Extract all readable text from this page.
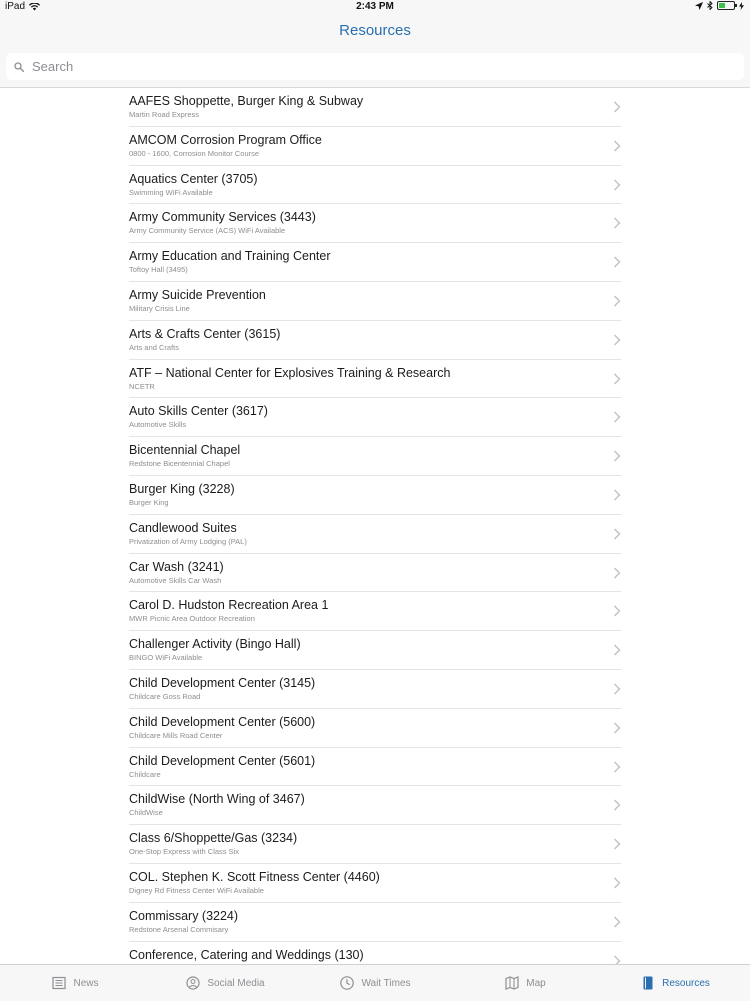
iPad	2:43 PM
Resources
Search
AAFES Shoppette, Burger King & Subway
Martin Road Express
AMCOM Corrosion Program Office
0800 - 1600, Corrosion Monitor Course
Aquatics Center (3705)
Swimming WiFi Available
Army Community Services (3443)
Army Community Service (ACS) WiFi Available
Army Education and Training Center
Toftoy Hall (3495)
Army Suicide Prevention
Military Crisis Line
Arts & Crafts Center (3615)
Arts and Crafts
ATF – National Center for Explosives Training & Research
NCETR
Auto Skills Center (3617)
Automotive Skills
Bicentennial Chapel
Redstone Bicentennial Chapel
Burger King (3228)
Burger King
Candlewood Suites
Privatization of Army Lodging (PAL)
Car Wash (3241)
Automotive Skills Car Wash
Carol D. Hudston Recreation Area 1
MWR Picnic Area Outdoor Recreation
Challenger Activity (Bingo Hall)
BINGO WiFi Available
Child Development Center (3145)
Childcare Goss Road
Child Development Center (5600)
Childcare Mills Road Center
Child Development Center (5601)
Childcare
ChildWise (North Wing of 3467)
ChildWise
Class 6/Shoppette/Gas (3234)
One-Stop Express with Class Six
COL. Stephen K. Scott Fitness Center (4460)
Digney Rd Fitness Center WiFi Available
Commissary (3224)
Redstone Arsenal Commisary
Conference, Catering and Weddings (130)
News	Social Media	Wait Times	Map	Resources
